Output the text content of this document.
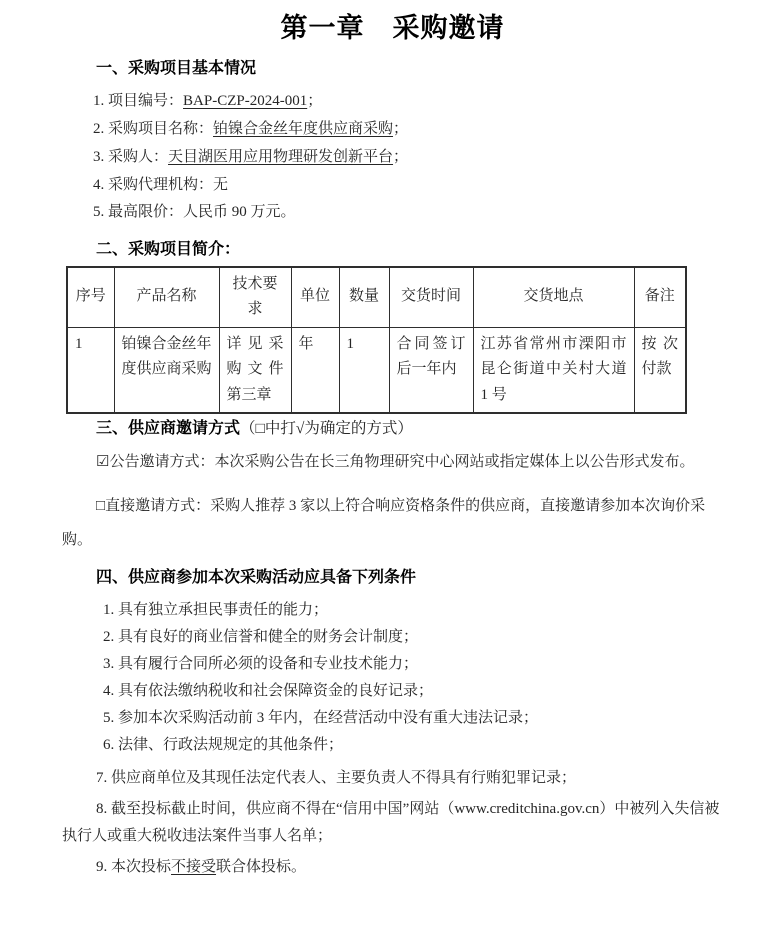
第一章　采购邀请
一、采购项目基本情况
1. 项目编号：BAP-CZP-2024-001；
2. 采购项目名称：铂镍合金丝年度供应商采购；
3. 采购人：天目湖医用应用物理研发创新平台；
4. 采购代理机构：无
5. 最高限价：人民币 90 万元。
二、采购项目简介：
序号	产品名称	技术要求	单位	数量	交货时间	交货地点	备注
1	铂镍合金丝年度供应商采购	详见采购文件第三章	年	1	合同签订后一年内	江苏省常州市溧阳市昆仑街道中关村大道 1 号	按次付款
三、供应商邀请方式（□中打√为确定的方式）
☑公告邀请方式：本次采购公告在长三角物理研究中心网站或指定媒体上以公告形式发布。
□直接邀请方式：采购人推荐 3 家以上符合响应资格条件的供应商，直接邀请参加本次询价采购。
四、供应商参加本次采购活动应具备下列条件
1. 具有独立承担民事责任的能力；
2. 具有良好的商业信誉和健全的财务会计制度；
3. 具有履行合同所必须的设备和专业技术能力；
4. 具有依法缴纳税收和社会保障资金的良好记录；
5. 参加本次采购活动前 3 年内，在经营活动中没有重大违法记录；
6. 法律、行政法规规定的其他条件；
7. 供应商单位及其现任法定代表人、主要负责人不得具有行贿犯罪记录；
8. 截至投标截止时间，供应商不得在“信用中国”网站（www.creditchina.gov.cn）中被列入失信被执行人或重大税收违法案件当事人名单；
9. 本次投标不接受联合体投标。
